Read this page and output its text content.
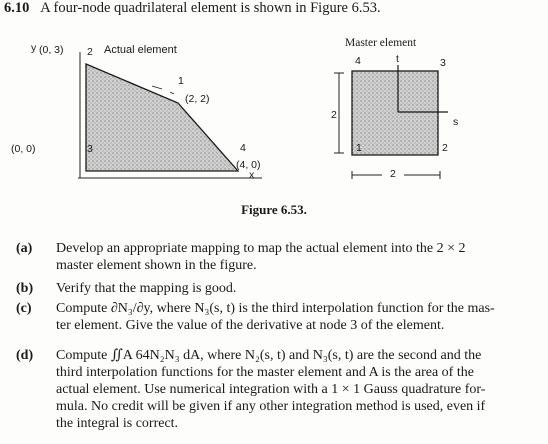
6.10 A four-node quadrilateral element is shown in Figure 6.53.
Actual element
y (0, 3) 2
1
(2, 2)
(0, 0)	3	4
(4, 0)
x
Master element
4	t	3
s
1	2
2
2
Figure 6.53.
(a) Develop an appropriate mapping to map the actual element into the 2 × 2
master element shown in the figure.
(b) Verify that the mapping is good.
(c) Compute ∂N₃/∂y, where N₃(s, t) is the third interpolation function for the mas-
ter element. Give the value of the derivative at node 3 of the element.
(d) Compute ∬A 64N₂N₃ dA, where N₂(s, t) and N₃(s, t) are the second and the
third interpolation functions for the master element and A is the area of the
actual element. Use numerical integration with a 1 × 1 Gauss quadrature for-
mula. No credit will be given if any other integration method is used, even if
the integral is correct.
